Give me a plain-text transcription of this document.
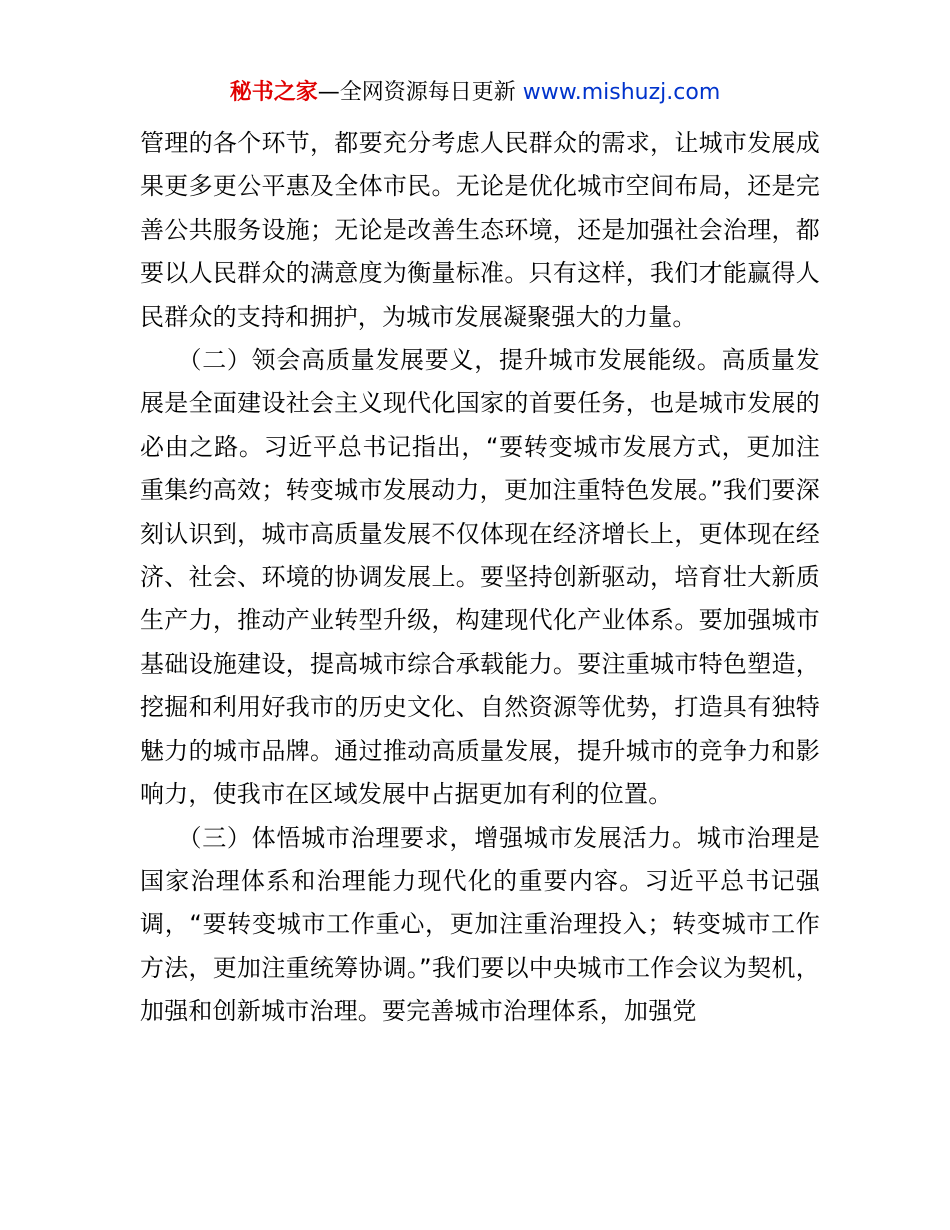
秘书之家—全网资源每日更新 www.mishuzj.com

管理的各个环节，都要充分考虑人民群众的需求，让城市发展成果更多更公平惠及全体市民。无论是优化城市空间布局，还是完善公共服务设施；无论是改善生态环境，还是加强社会治理，都要以人民群众的满意度为衡量标准。只有这样，我们才能赢得人民群众的支持和拥护，为城市发展凝聚强大的力量。

　　（二）领会高质量发展要义，提升城市发展能级。高质量发展是全面建设社会主义现代化国家的首要任务，也是城市发展的必由之路。习近平总书记指出，“要转变城市发展方式，更加注重集约高效；转变城市发展动力，更加注重特色发展。”我们要深刻认识到，城市高质量发展不仅体现在经济增长上，更体现在经济、社会、环境的协调发展上。要坚持创新驱动，培育壮大新质生产力，推动产业转型升级，构建现代化产业体系。要加强城市基础设施建设，提高城市综合承载能力。要注重城市特色塑造，挖掘和利用好我市的历史文化、自然资源等优势，打造具有独特魅力的城市品牌。通过推动高质量发展，提升城市的竞争力和影响力，使我市在区域发展中占据更加有利的位置。

　　（三）体悟城市治理要求，增强城市发展活力。城市治理是国家治理体系和治理能力现代化的重要内容。习近平总书记强调，“要转变城市工作重心，更加注重治理投入；转变城市工作方法，更加注重统筹协调。”我们要以中央城市工作会议为契机，加强和创新城市治理。要完善城市治理体系，加强党
